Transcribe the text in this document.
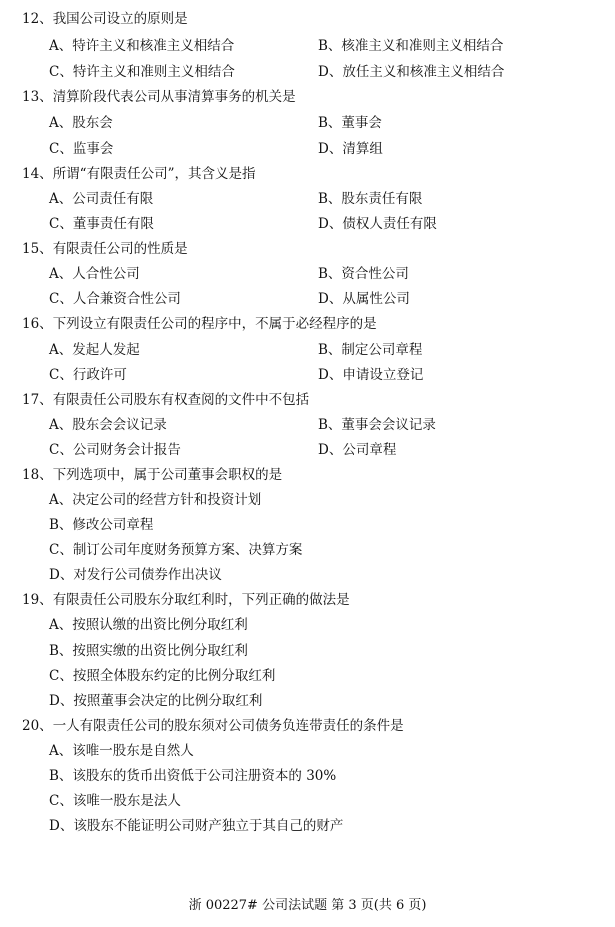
12、我国公司设立的原则是
A、特许主义和核准主义相结合	B、核准主义和准则主义相结合
C、特许主义和准则主义相结合	D、放任主义和核准主义相结合
13、清算阶段代表公司从事清算事务的机关是
A、股东会	B、董事会
C、监事会	D、清算组
14、所谓“有限责任公司”，其含义是指
A、公司责任有限	B、股东责任有限
C、董事责任有限	D、债权人责任有限
15、有限责任公司的性质是
A、人合性公司	B、资合性公司
C、人合兼资合性公司	D、从属性公司
16、下列设立有限责任公司的程序中，不属于必经程序的是
A、发起人发起	B、制定公司章程
C、行政许可	D、申请设立登记
17、有限责任公司股东有权查阅的文件中不包括
A、股东会会议记录	B、董事会会议记录
C、公司财务会计报告	D、公司章程
18、下列选项中，属于公司董事会职权的是
A、决定公司的经营方针和投资计划
B、修改公司章程
C、制订公司年度财务预算方案、决算方案
D、对发行公司债券作出决议
19、有限责任公司股东分取红利时，下列正确的做法是
A、按照认缴的出资比例分取红利
B、按照实缴的出资比例分取红利
C、按照全体股东约定的比例分取红利
D、按照董事会决定的比例分取红利
20、一人有限责任公司的股东须对公司债务负连带责任的条件是
A、该唯一股东是自然人
B、该股东的货币出资低于公司注册资本的 30%
C、该唯一股东是法人
D、该股东不能证明公司财产独立于其自己的财产
浙 00227# 公司法试题 第 3 页(共 6 页)
